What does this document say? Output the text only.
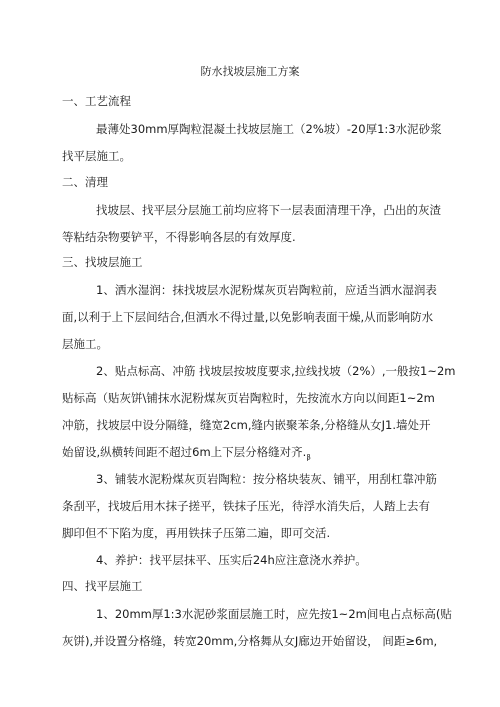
防水找坡层施工方案
一、工艺流程
最薄处30mm厚陶粒混凝土找坡层施工（2%坡）-20厚1:3水泥砂浆
找平层施工。
二、清理
找坡层、找平层分层施工前均应将下一层表面清理干净，凸出的灰渣
等粘结杂物要铲平，不得影响各层的有效厚度.
三、找坡层施工
1、洒水湿润：抹找坡层水泥粉煤灰页岩陶粒前，应适当洒水湿润表
面,以利于上下层间结合,但洒水不得过量,以免影响表面干燥,从而影响防水
层施工。
2、贴点标高、冲筋 找坡层按坡度要求,拉线找坡（2%）,一般按1~2m
贴标高（贴灰饼\铺抹水泥粉煤灰页岩陶粒时，先按流水方向以间距1~2m
冲筋，找坡层中设分隔缝，缝宽2cm,缝内嵌聚苯条,分格缝从女J1.墙处开
始留设,纵横转间距不超过6m上下层分格缝对齐$._\beta$
3、铺装水泥粉煤灰页岩陶粒：按分格块装灰、铺平，用刮杠靠冲筋
条刮平，找坡后用木抹子搓平，铁抹子压光，待浮水消失后，人踏上去有
脚印但不下陷为度，再用铁抹子压第二遍，即可交活.
4、养护：找平层抹平、压实后24h应注意浇水养护。
四、找平层施工
1、20mm厚1:3水泥砂浆面层施工时，应先按1~2m间电占点标高(贴
灰饼),并设置分格缝，转宽20mm,分格舞从女J廊边开始留设， 间距≥6m,
